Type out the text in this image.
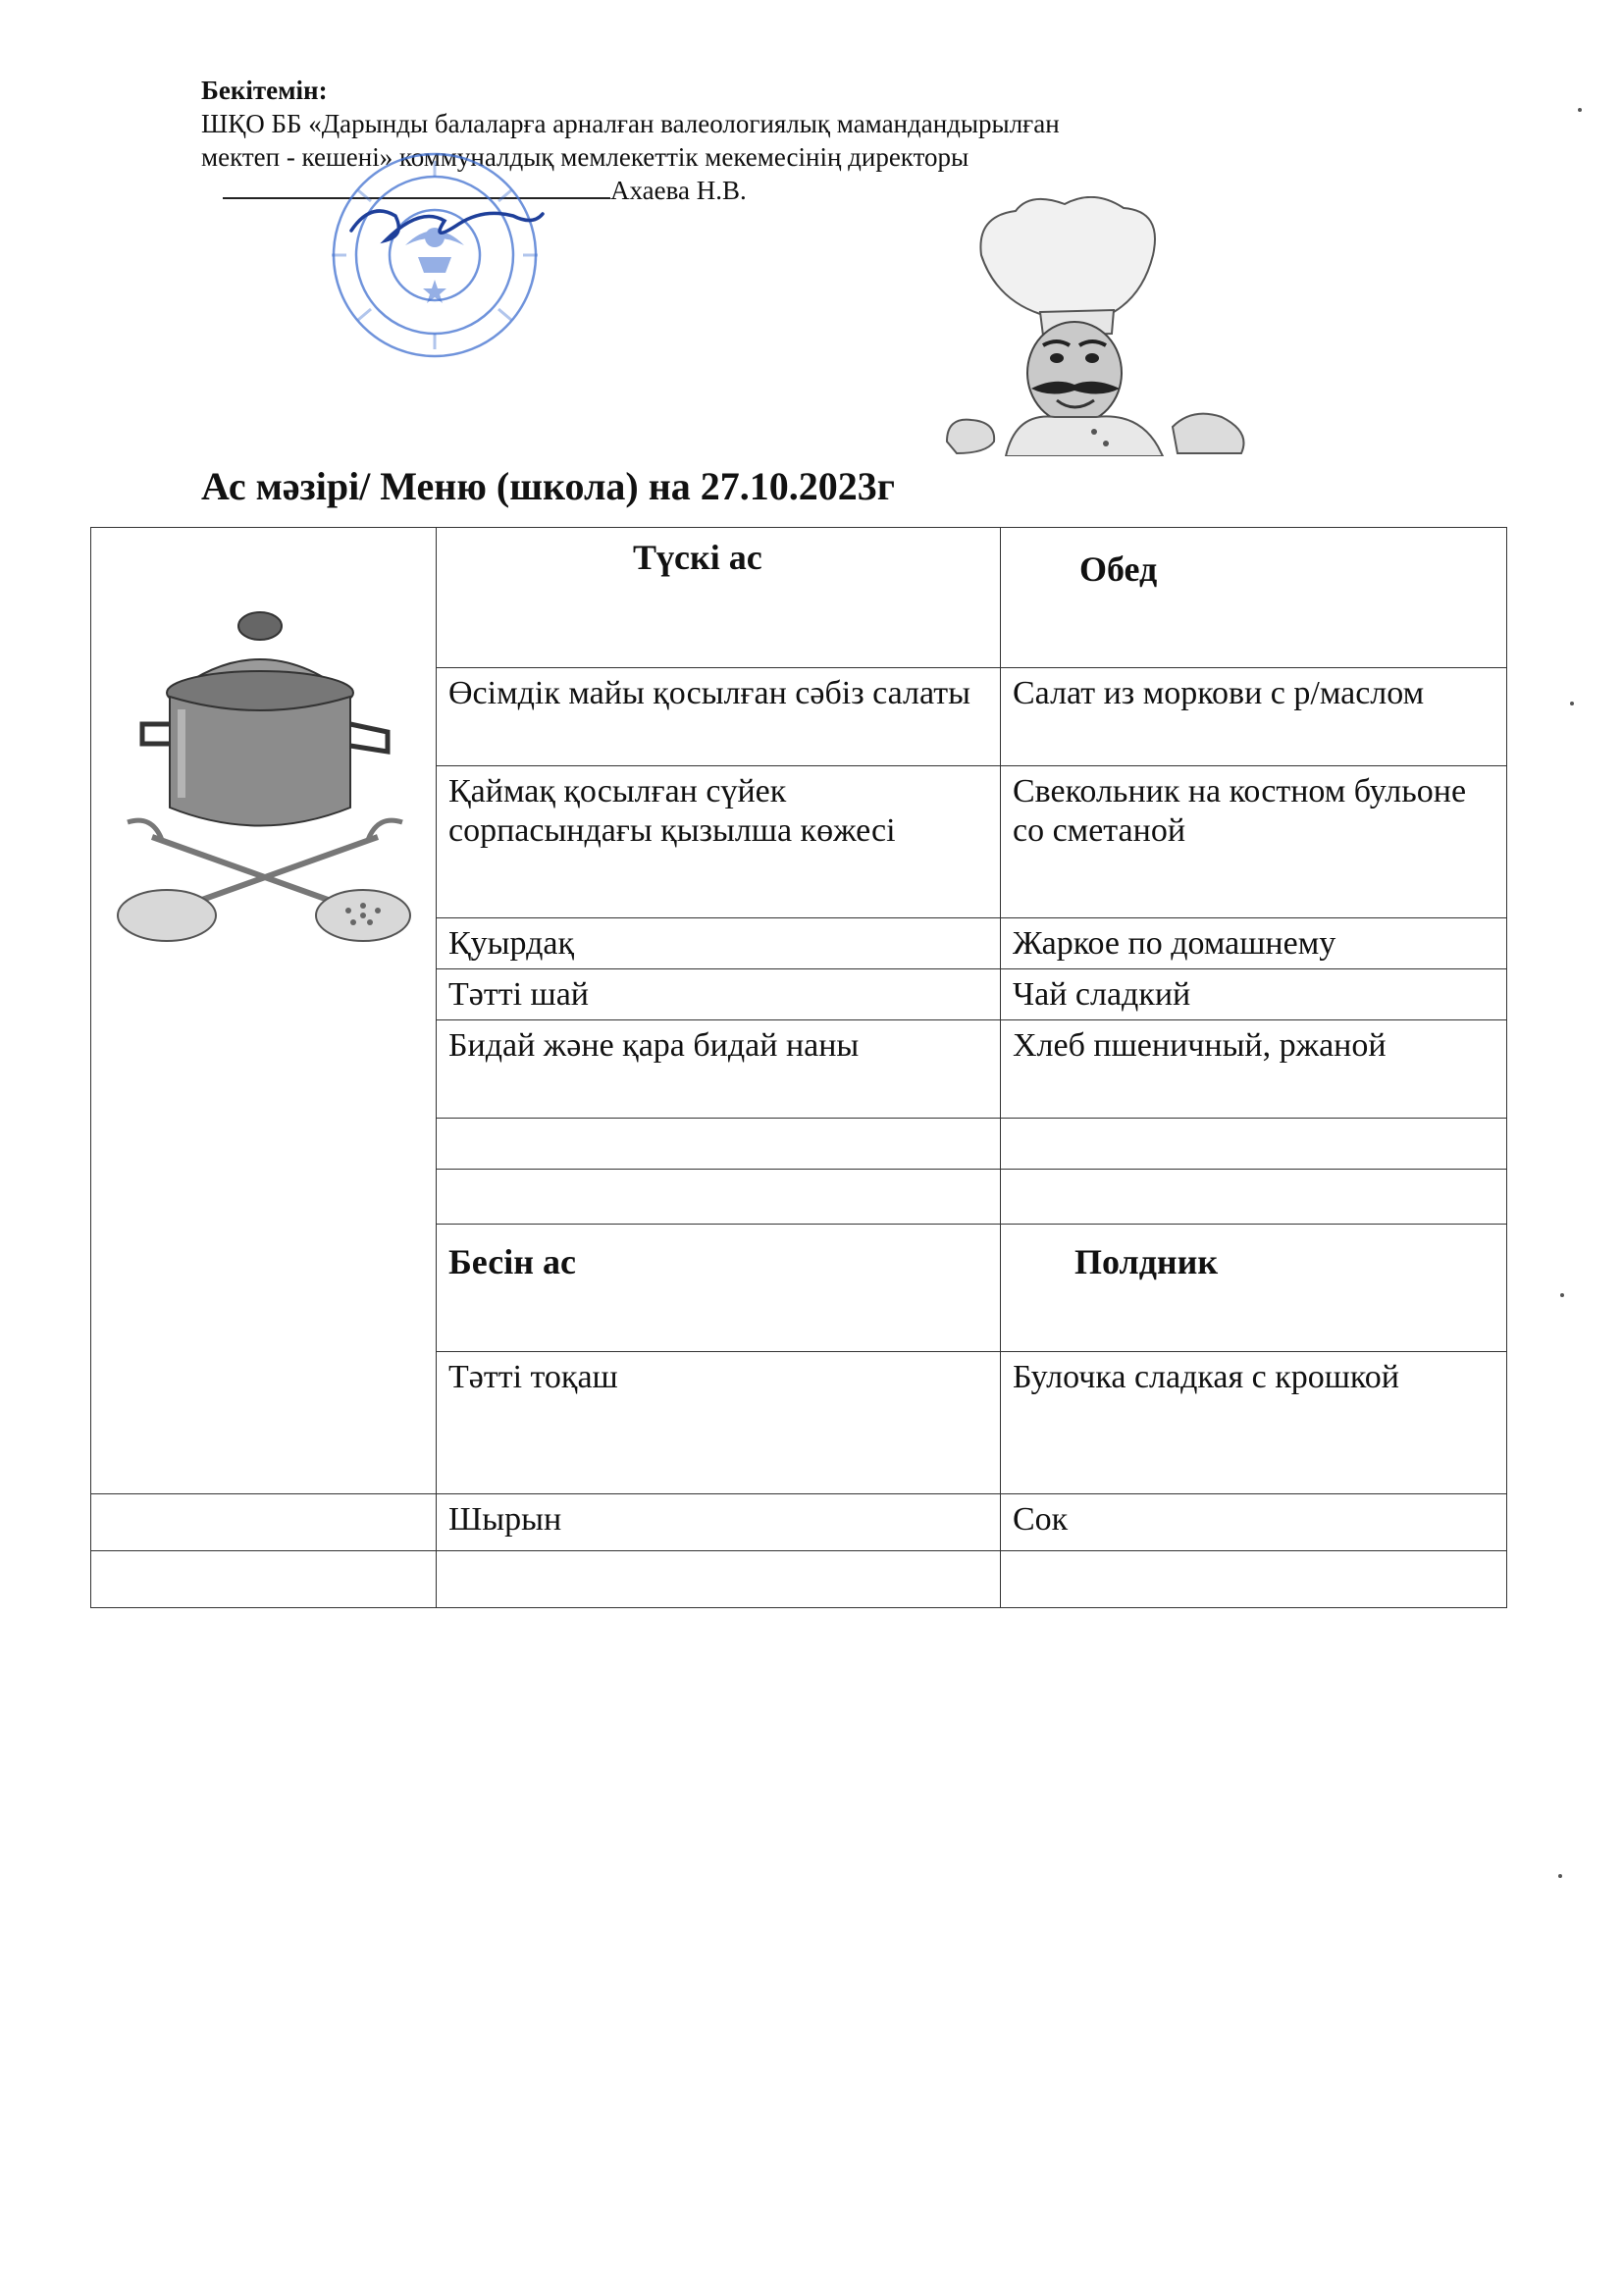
Бекітемін:
ШҚО ББ «Дарынды балаларға арналған валеологиялық мамандандырылған
мектеп - кешені» коммуналдық мемлекеттік мекемесінің директоры
Ахаева Н.В.
Ас мәзірі/ Меню (школа) на 27.10.2023г
	Түскі ас	Обед
	Өсімдік майы қосылған сәбіз салаты	Салат из моркови с р/маслом
	Қаймақ қосылған сүйек сорпасындағы қызылша көжесі	Свекольник на костном бульоне со сметаной
	Қуырдақ	Жаркое по домашнему
	Тәтті шай	Чай сладкий
	Бидай және қара бидай наны	Хлеб пшеничный, ржаной

	Бесін ас	Полдник
	Тәтті тоқаш	Булочка сладкая с крошкой
	Шырын	Сок
